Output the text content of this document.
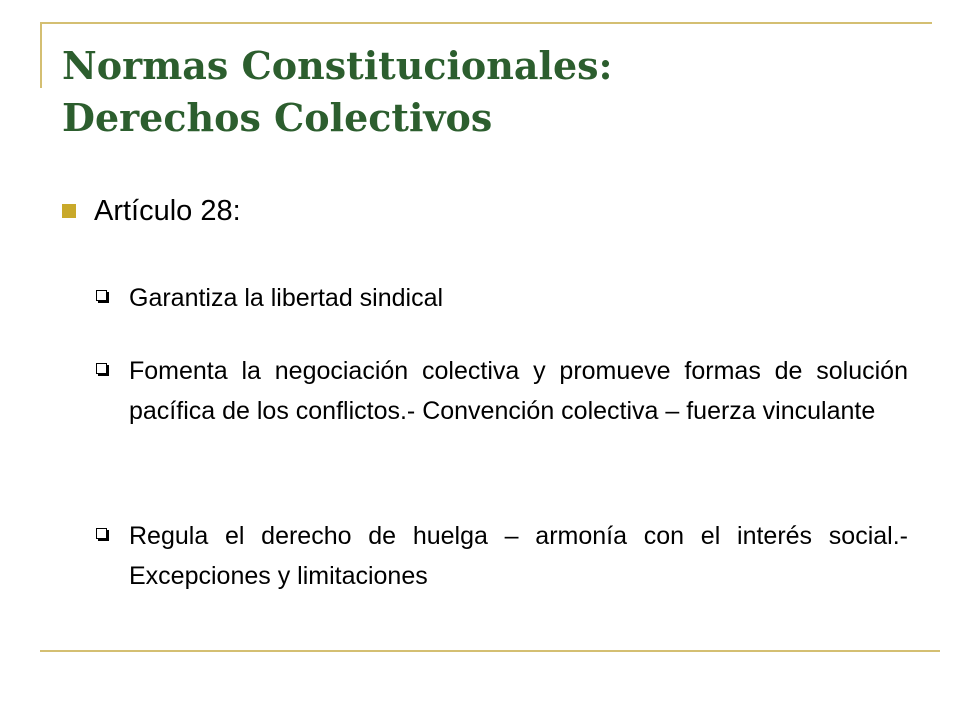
Normas Constitucionales:
Derechos Colectivos
Artículo 28:
Garantiza la libertad sindical
Fomenta la negociación colectiva y promueve formas de solución pacífica de los conflictos.- Convención colectiva – fuerza vinculante
Regula el derecho de huelga – armonía con el interés social.- Excepciones y limitaciones
